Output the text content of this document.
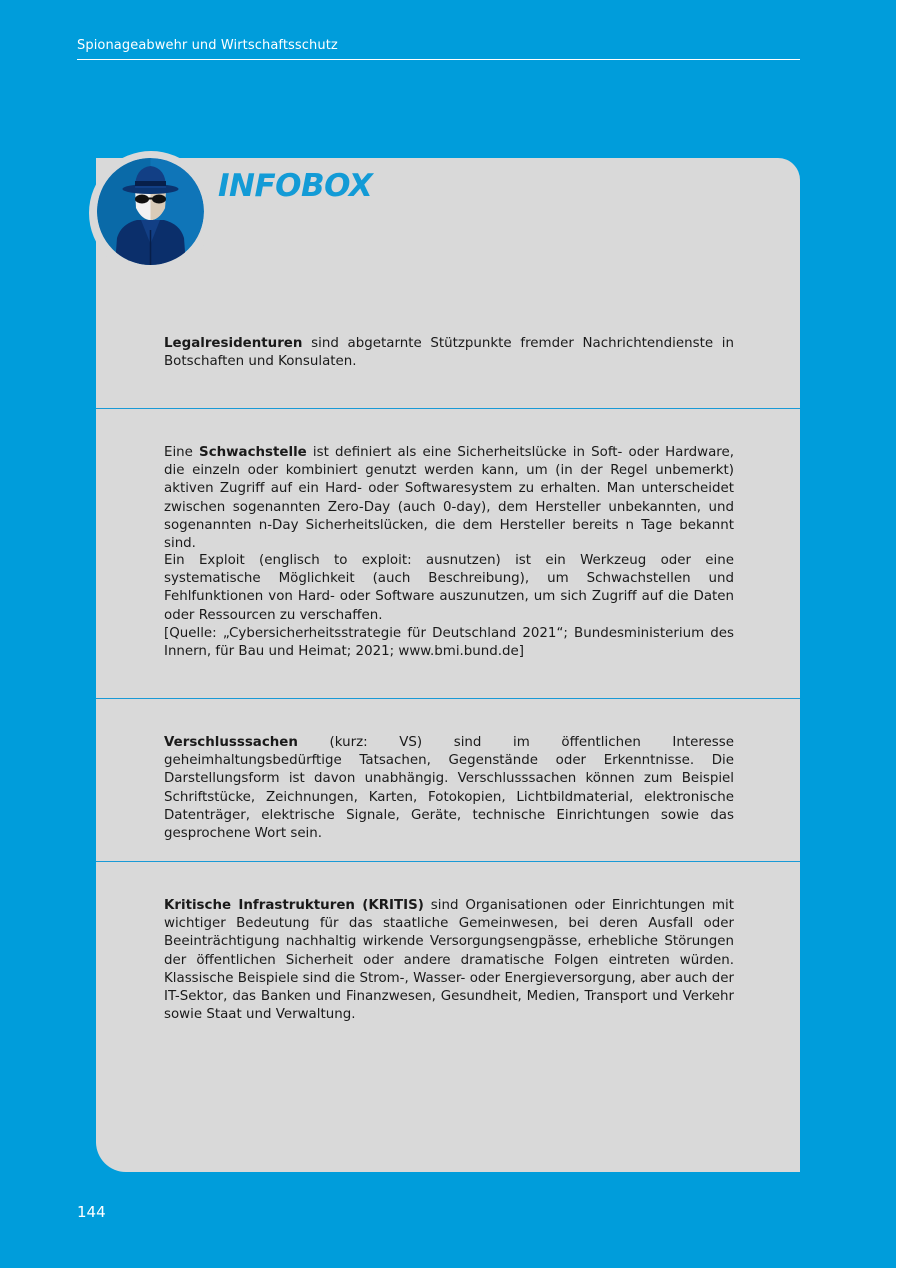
Spionageabwehr und Wirtschaftsschutz
INFOBOX
Legalresidenturen sind abgetarnte Stützpunkte fremder Nachrichtendienste in Botschaften und Konsulaten.
Eine Schwachstelle ist definiert als eine Sicherheitslücke in Soft- oder Hardware, die einzeln oder kombiniert genutzt werden kann, um (in der Regel unbemerkt) aktiven Zugriff auf ein Hard- oder Softwaresystem zu erhalten. Man unterscheidet zwischen sogenannten Zero-Day (auch 0-day), dem Hersteller unbekannten, und sogenannten n-Day Sicherheitslücken, die dem Hersteller bereits n Tage bekannt sind.
Ein Exploit (englisch to exploit: ausnutzen) ist ein Werkzeug oder eine systematische Möglichkeit (auch Beschreibung), um Schwachstellen und Fehlfunktionen von Hard- oder Software auszunutzen, um sich Zugriff auf die Daten oder Ressourcen zu verschaffen.
[Quelle: „Cybersicherheitsstrategie für Deutschland 2021“; Bundesministerium des Innern, für Bau und Heimat; 2021; www.bmi.bund.de]
Verschlusssachen (kurz: VS) sind im öffentlichen Interesse geheimhaltungsbedürftige Tatsachen, Gegenstände oder Erkenntnisse. Die Darstellungsform ist davon unabhängig. Verschlusssachen können zum Beispiel Schriftstücke, Zeichnungen, Karten, Fotokopien, Lichtbildmaterial, elektronische Datenträger, elektrische Signale, Geräte, technische Einrichtungen sowie das gesprochene Wort sein.
Kritische Infrastrukturen (KRITIS) sind Organisationen oder Einrichtungen mit wichtiger Bedeutung für das staatliche Gemeinwesen, bei deren Ausfall oder Beeinträchtigung nachhaltig wirkende Versorgungsengpässe, erhebliche Störungen der öffentlichen Sicherheit oder andere dramatische Folgen eintreten würden. Klassische Beispiele sind die Strom-, Wasser- oder Energieversorgung, aber auch der IT-Sektor, das Banken und Finanzwesen, Gesundheit, Medien, Transport und Verkehr sowie Staat und Verwaltung.
144
